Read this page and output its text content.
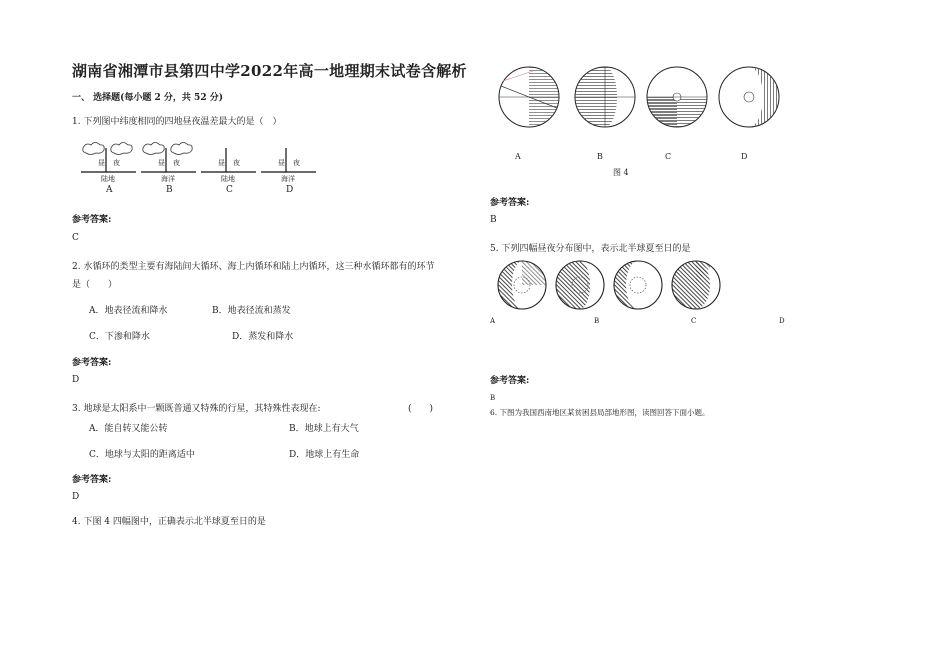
湖南省湘潭市县第四中学2022年高一地理期末试卷含解析
一、 选择题(每小题 2 分，共 52 分)
1. 下列图中纬度相同的四地昼夜温差最大的是（　）
昼 夜
陆地
A
昼 夜
海洋
B
昼 夜
陆地
C
昼 夜
海洋
D
参考答案:
C
2. 水循环的类型主要有海陆间大循环、海上内循环和陆上内循环，这三种水循环都有的环节
是（　　）
A．地表径流和降水	B．地表径流和蒸发
C．下渗和降水	D．蒸发和降水
参考答案:
D
3. 地球是太阳系中一颗既普通又特殊的行星，其特殊性表现在:	(　　)
A．能自转又能公转	B．地球上有大气
C．地球与太阳的距离适中	D．地球上有生命
参考答案:
D
4. 下图 4 四幅图中，正确表示北半球夏至日的是
A	B	C	D
图 4
参考答案:
B
5. 下列四幅昼夜分布图中，表示北半球夏至日的是
A	B	C	D
参考答案:
B
6. 下图为我国西南地区某贫困县局部地形图，读图回答下面小题。
